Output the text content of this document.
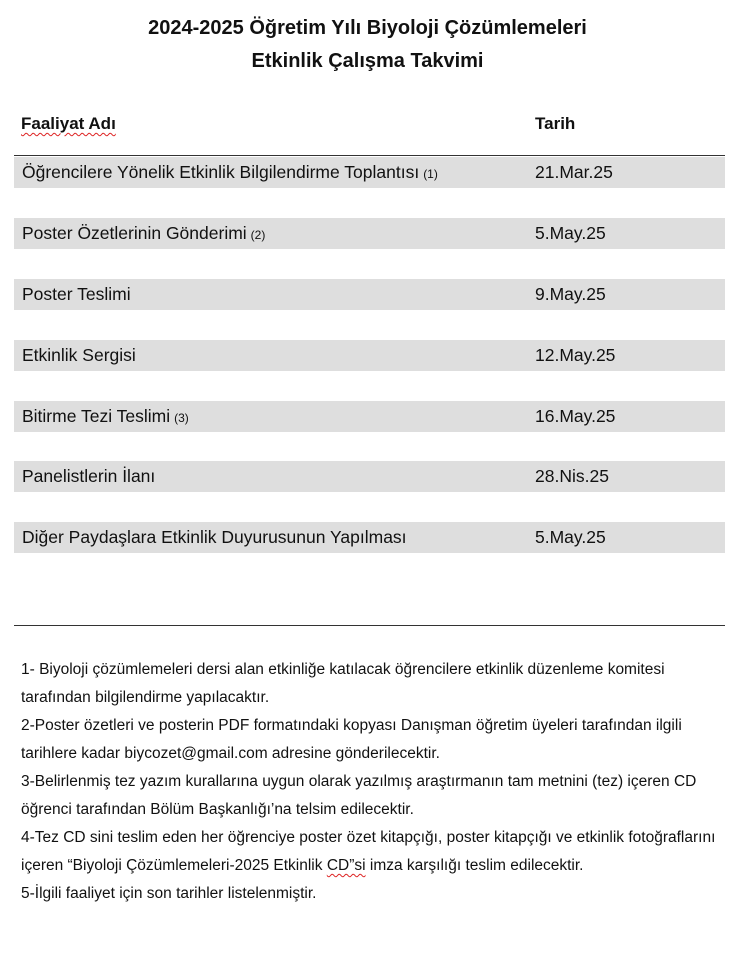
2024-2025 Öğretim Yılı Biyoloji Çözümlemeleri
Etkinlik Çalışma Takvimi
Faaliyat Adı	Tarih
Öğrencilere Yönelik Etkinlik Bilgilendirme Toplantısı (1)	21.Mar.25
Poster Özetlerinin Gönderimi (2)	5.May.25
Poster Teslimi	9.May.25
Etkinlik Sergisi	12.May.25
Bitirme Tezi Teslimi (3)	16.May.25
Panelistlerin İlanı	28.Nis.25
Diğer Paydaşlara Etkinlik Duyurusunun Yapılması	5.May.25

1- Biyoloji çözümlemeleri dersi alan etkinliğe katılacak öğrencilere etkinlik düzenleme komitesi tarafından bilgilendirme yapılacaktır.

2-Poster özetleri ve posterin PDF formatındaki kopyası Danışman öğretim üyeleri tarafından ilgili tarihlere kadar biycozet@gmail.com adresine gönderilecektir.

3-Belirlenmiş tez yazım kurallarına uygun olarak yazılmış araştırmanın tam metnini (tez) içeren CD öğrenci tarafından Bölüm Başkanlığı’na telsim edilecektir.

4-Tez CD sini teslim eden her öğrenciye poster özet kitapçığı, poster kitapçığı ve etkinlik fotoğraflarını içeren “Biyoloji Çözümlemeleri-2025 Etkinlik CD”si imza karşılığı teslim edilecektir.

5-İlgili faaliyet için son tarihler listelenmiştir.
